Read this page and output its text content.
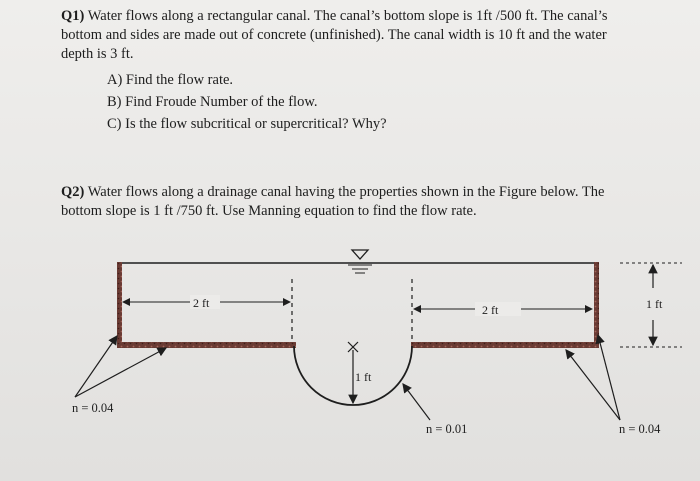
Q1) Water flows along a rectangular canal. The canal’s bottom slope is 1ft /500 ft. The canal’s
bottom and sides are made out of concrete (unfinished). The canal width is 10 ft and the water
depth is 3 ft.
A) Find the flow rate.
B) Find Froude Number of the flow.
C) Is the flow subcritical or supercritical? Why?
Q2) Water flows along a drainage canal having the properties shown in the Figure below. The
bottom slope is 1 ft /750 ft. Use Manning equation to find the flow rate.
2 ft	2 ft	1 ft
1 ft
n = 0.04
n = 0.01	n = 0.04
